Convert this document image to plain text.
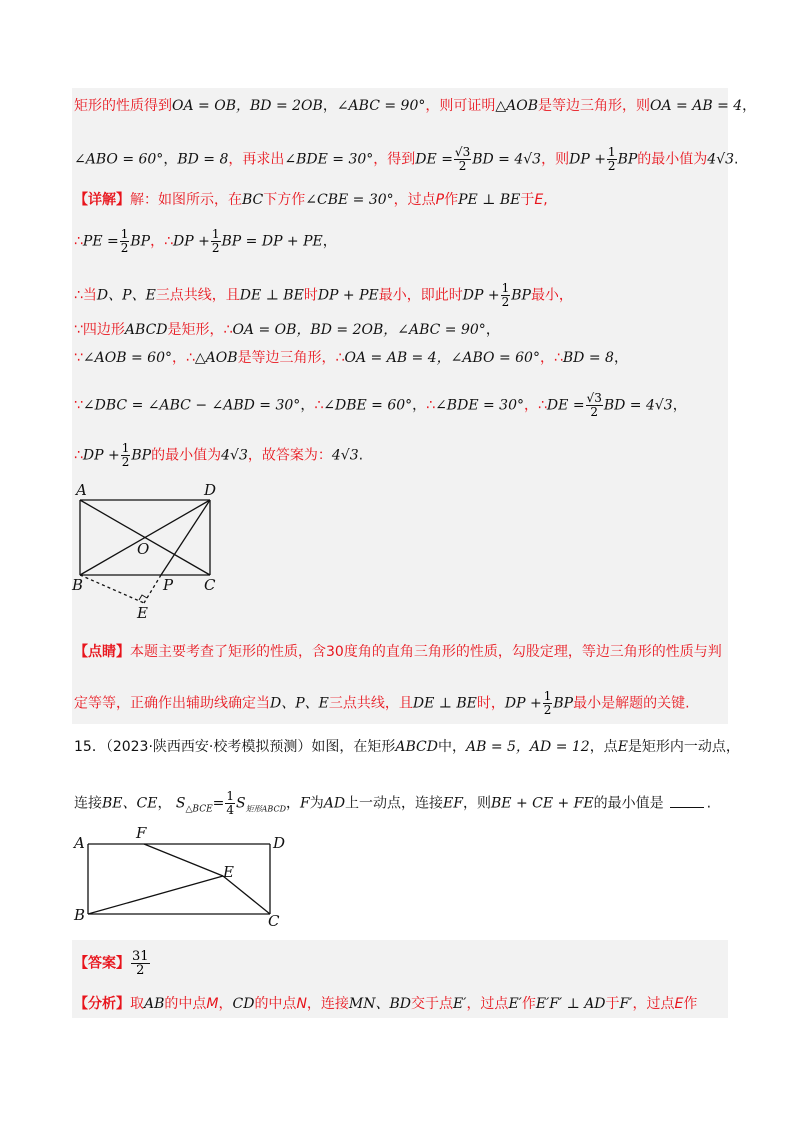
矩形的性质得到OA = OB，BD = 2OB，∠ABC = 90°，则可证明△AOB是等边三角形，则OA = AB = 4，
∠ABO = 60°，BD = 8，再求出∠BDE = 30°，得到DE = $\frac{√3}{2}$ BD = 4√3，则DP + $\frac{1}{2}$ BP的最小值为4√3.
【详解】解：如图所示，在BC下方作∠CBE = 30°，过点P作PE ⊥ BE于E,
∴PE = $\frac{1}{2}$ BP，∴DP + $\frac{1}{2}$ BP = DP + PE，
∴当D、P、E三点共线，且DE ⊥ BE时DP + PE最小，即此时DP + $\frac{1}{2}$ BP最小，
∵四边形ABCD是矩形，∴OA = OB，BD = 2OB，∠ABC = 90°，
∵∠AOB = 60°，∴△AOB是等边三角形，∴OA = AB = 4，∠ABO = 60°，∴BD = 8，
∵∠DBC = ∠ABC − ∠ABD = 30°，∴∠DBE = 60°，∴∠BDE = 30°，∴DE = $\frac{√3}{2}$ BD = 4√3，
∴DP + $\frac{1}{2}$ BP的最小值为4√3，故答案为：4√3.
A	D
O
B	P C
E
【点睛】本题主要考查了矩形的性质，含30度角的直角三角形的性质，勾股定理，等边三角形的性质与判
定等等，正确作出辅助线确定当D、P、E三点共线，且DE ⊥ BE时，DP + $\frac{1}{2}$ BP最小是解题的关键.
15．（2023·陕西西安·校考模拟预测）如图，在矩形ABCD中，AB = 5，AD = 12，点E是矩形内一动点，
连接BE、CE， $S_{\triangle BCE}= \frac{1}{4} S_{矩形ABCD}$，F为AD上一动点，连接EF，则BE + CE + FE的最小值是	.
A
F
D
E
B	C
【答案】 $\frac{31}{2}$
【分析】取AB的中点M，CD的中点N，连接MN、BD交于点E′，过点E′作E′F′ ⊥ AD于F′，过点E作
